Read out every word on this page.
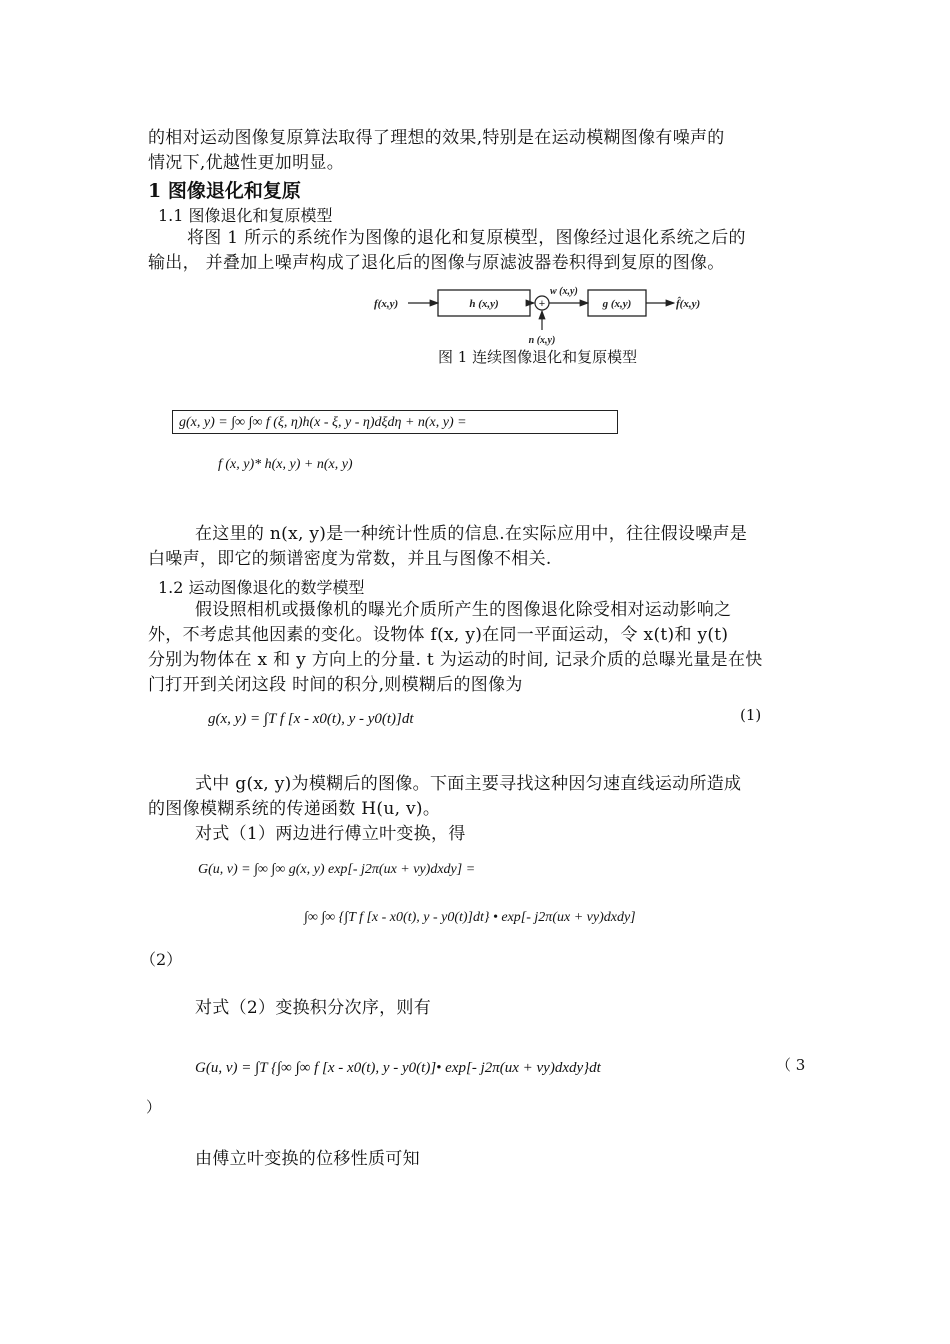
的相对运动图像复原算法取得了理想的效果,特别是在运动模糊图像有噪声的
情况下,优越性更加明显。
1 图像退化和复原
1.1 图像退化和复原模型
将图 1 所示的系统作为图像的退化和复原模型，图像经过退化系统之后的
输出， 并叠加上噪声构成了退化后的图像与原滤波器卷积得到复原的图像。
f(x,y)	h (x,y)	+
w (x,y)
g (x,y)	f̂(x,y)
n (x,y)
图 1 连续图像退化和复原模型
g(x, y) = ∫∞ ∫∞ f (ξ, η)h(x - ξ, y - η)dξdη + n(x, y) =
f (x, y)* h(x, y) + n(x, y)
在这里的 n(x, y)是一种统计性质的信息.在实际应用中，往往假设噪声是
白噪声，即它的频谱密度为常数，并且与图像不相关.
1.2 运动图像退化的数学模型
假设照相机或摄像机的曝光介质所产生的图像退化除受相对运动影响之
外，不考虑其他因素的变化。设物体 f(x, y)在同一平面运动，令 x(t)和 y(t)
分别为物体在 x 和 y 方向上的分量. t 为运动的时间, 记录介质的总曝光量是在快
门打开到关闭这段 时间的积分,则模糊后的图像为
g(x, y) = ∫T f [x - x0(t), y - y0(t)]dt	(1)
式中 g(x, y)为模糊后的图像。下面主要寻找这种因匀速直线运动所造成
的图像模糊系统的传递函数 H(u, v)。
对式（1）两边进行傅立叶变换，得
G(u, v) = ∫∞ ∫∞ g(x, y) exp[- j2π(ux + vy)dxdy] =
∫∞ ∫∞ {∫T f [x - x0(t), y - y0(t)]dt} • exp[- j2π(ux + vy)dxdy]
（2）
对式（2）变换积分次序，则有
G(u, v) = ∫T {∫∞ ∫∞ f [x - x0(t), y - y0(t)]• exp[- j2π(ux + vy)dxdy}dt	（ 3
）
由傅立叶变换的位移性质可知
